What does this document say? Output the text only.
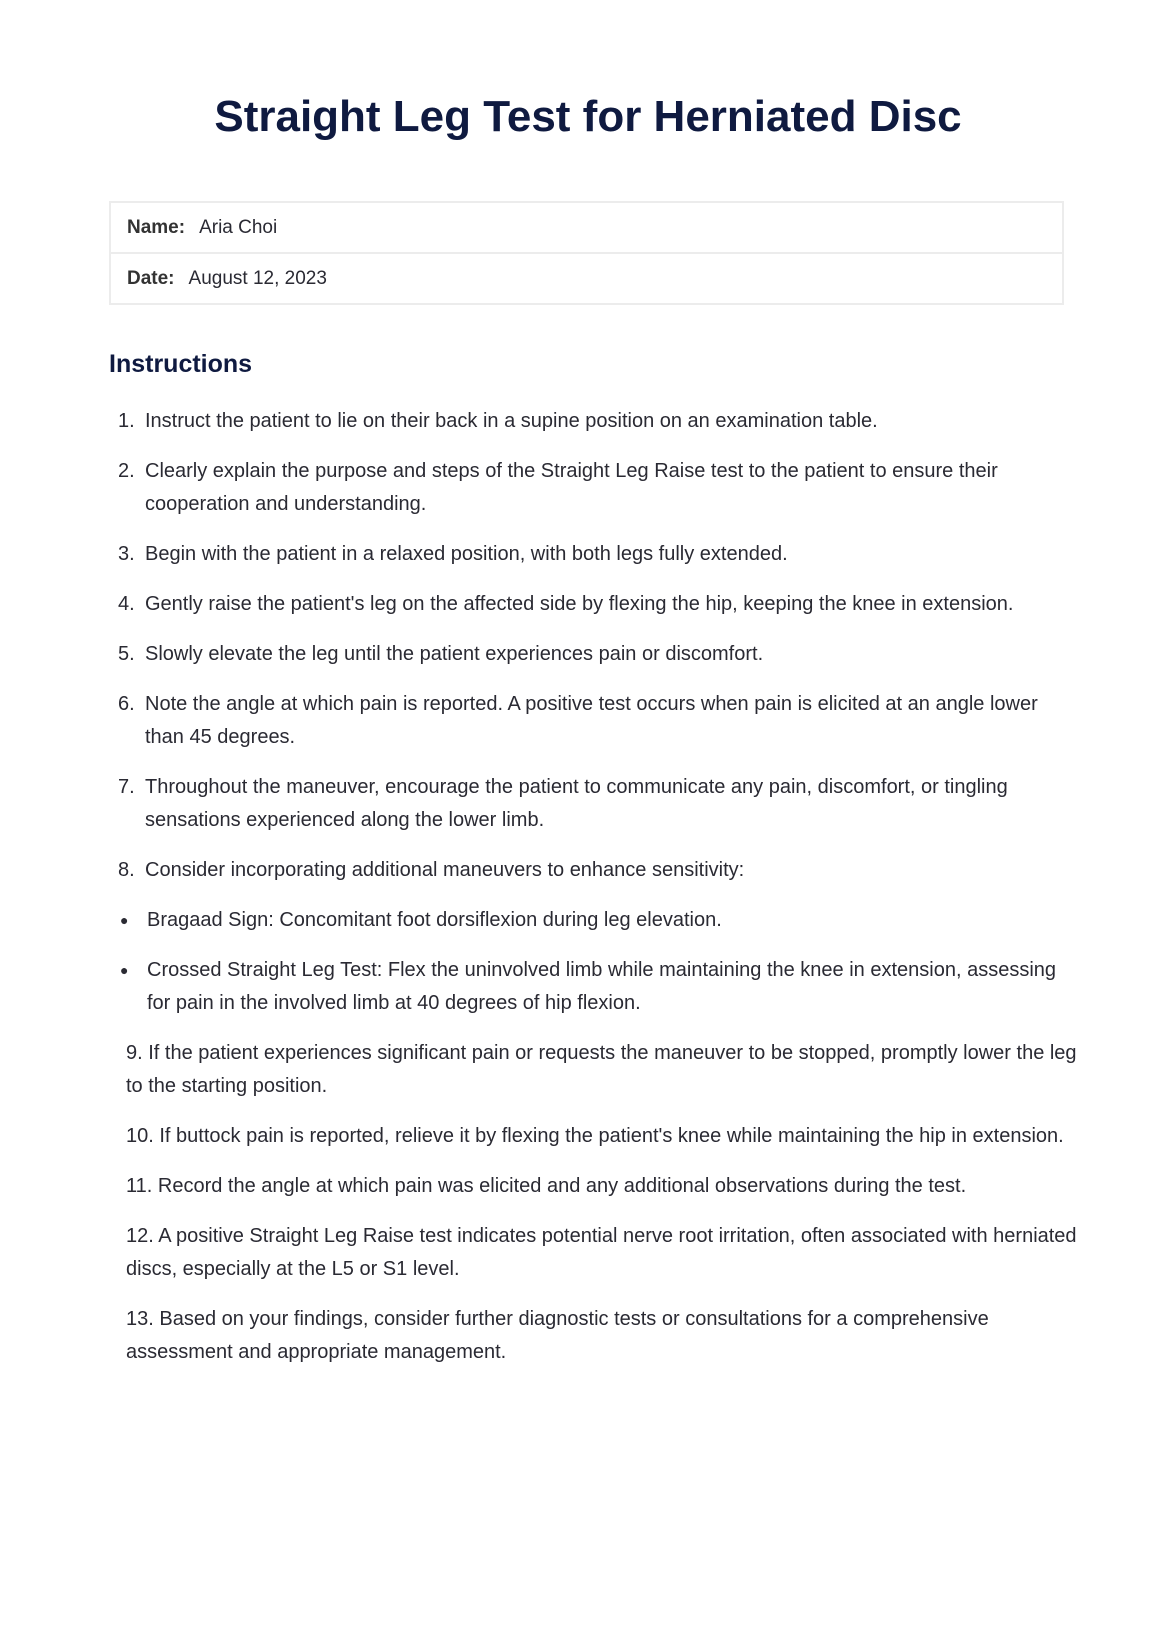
Straight Leg Test for Herniated Disc
Name: Aria Choi
Date: August 12, 2023
Instructions
1. Instruct the patient to lie on their back in a supine position on an examination table.
2. Clearly explain the purpose and steps of the Straight Leg Raise test to the patient to ensure their cooperation and understanding.
3. Begin with the patient in a relaxed position, with both legs fully extended.
4. Gently raise the patient's leg on the affected side by flexing the hip, keeping the knee in extension.
5. Slowly elevate the leg until the patient experiences pain or discomfort.
6. Note the angle at which pain is reported. A positive test occurs when pain is elicited at an angle lower than 45 degrees.
7. Throughout the maneuver, encourage the patient to communicate any pain, discomfort, or tingling sensations experienced along the lower limb.
8. Consider incorporating additional maneuvers to enhance sensitivity:
● Bragaad Sign: Concomitant foot dorsiflexion during leg elevation.
● Crossed Straight Leg Test: Flex the uninvolved limb while maintaining the knee in extension, assessing for pain in the involved limb at 40 degrees of hip flexion.

9. If the patient experiences significant pain or requests the maneuver to be stopped, promptly lower the leg to the starting position.

10. If buttock pain is reported, relieve it by flexing the patient's knee while maintaining the hip in extension.

11. Record the angle at which pain was elicited and any additional observations during the test.

12. A positive Straight Leg Raise test indicates potential nerve root irritation, often associated with herniated discs, especially at the L5 or S1 level.

13. Based on your findings, consider further diagnostic tests or consultations for a comprehensive assessment and appropriate management.
